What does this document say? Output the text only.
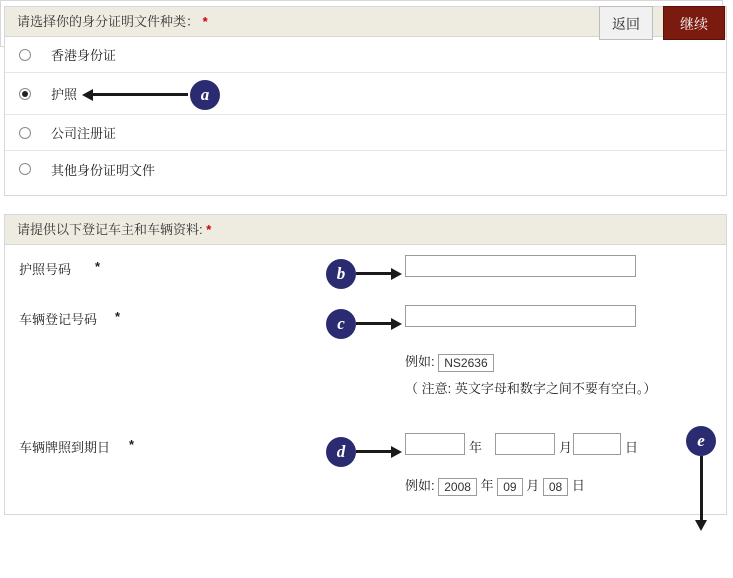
请选择你的身分证明文件种类： *
香港身份证
护照
公司注册证
其他身份证明文件
请提供以下登记车主和车辆资料: *
护照号码 *
车辆登记号码 *
例如: NS2636
（ 注意: 英文字母和数字之间不要有空白。）
车辆牌照到期日 *	年	月	日
例如: 2008 年 09 月 08 日
返回	继续
a
b
c
d
e
